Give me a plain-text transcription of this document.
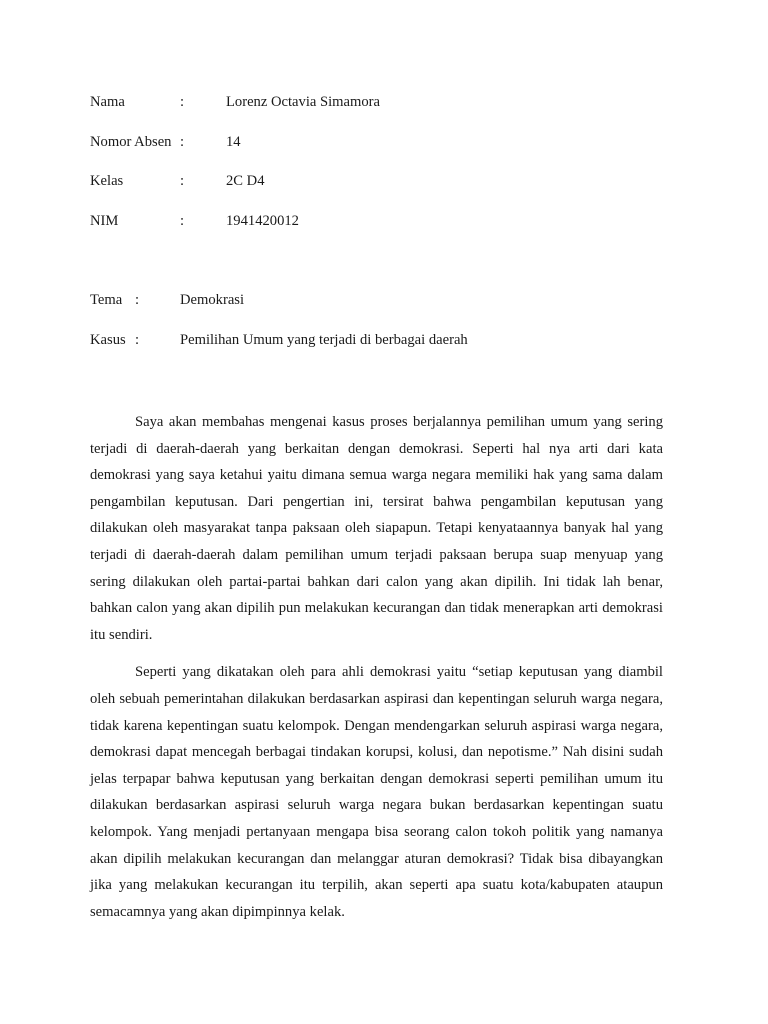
Nama	:	Lorenz Octavia Simamora
Nomor Absen :	14
Kelas	:	2C D4
NIM	:	1941420012
Tema :	Demokrasi
Kasus :	Pemilihan Umum yang terjadi di berbagai daerah

Saya akan membahas mengenai kasus proses berjalannya pemilihan umum yang sering terjadi di daerah-daerah yang berkaitan dengan demokrasi. Seperti hal nya arti dari kata demokrasi yang saya ketahui yaitu dimana semua warga negara memiliki hak yang sama dalam pengambilan keputusan. Dari pengertian ini, tersirat bahwa pengambilan keputusan yang dilakukan oleh masyarakat tanpa paksaan oleh siapapun. Tetapi kenyataannya banyak hal yang terjadi di daerah-daerah dalam pemilihan umum terjadi paksaan berupa suap menyuap yang sering dilakukan oleh partai-partai bahkan dari calon yang akan dipilih. Ini tidak lah benar, bahkan calon yang akan dipilih pun melakukan kecurangan dan tidak menerapkan arti demokrasi itu sendiri.

Seperti yang dikatakan oleh para ahli demokrasi yaitu “setiap keputusan yang diambil oleh sebuah pemerintahan dilakukan berdasarkan aspirasi dan kepentingan seluruh warga negara, tidak karena kepentingan suatu kelompok. Dengan mendengarkan seluruh aspirasi warga negara, demokrasi dapat mencegah berbagai tindakan korupsi, kolusi, dan nepotisme.” Nah disini sudah jelas terpapar bahwa keputusan yang berkaitan dengan demokrasi seperti pemilihan umum itu dilakukan berdasarkan aspirasi seluruh warga negara bukan berdasarkan kepentingan suatu kelompok. Yang menjadi pertanyaan mengapa bisa seorang calon tokoh politik yang namanya akan dipilih melakukan kecurangan dan melanggar aturan demokrasi? Tidak bisa dibayangkan jika yang melakukan kecurangan itu terpilih, akan seperti apa suatu kota/kabupaten ataupun semacamnya yang akan dipimpinnya kelak.
